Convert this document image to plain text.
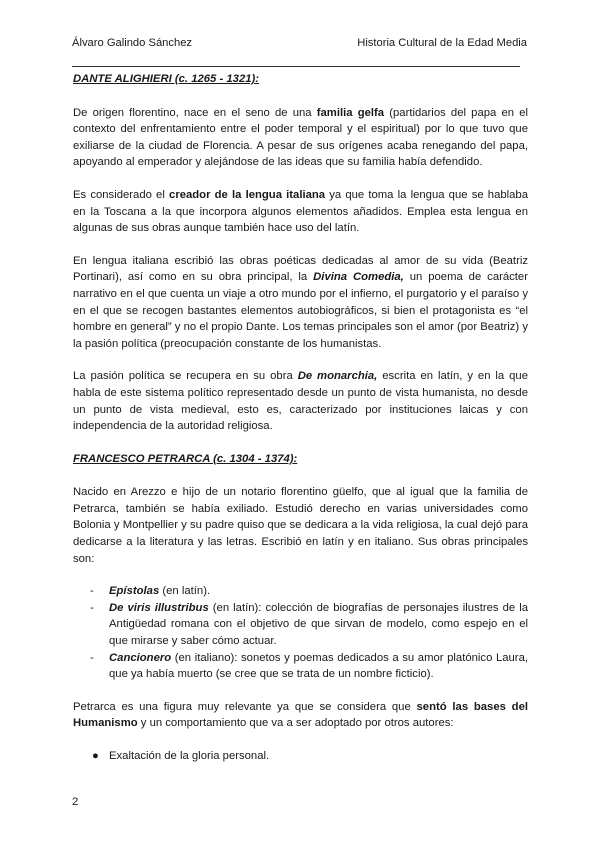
Álvaro Galindo Sánchez	Historia Cultural de la Edad Media
DANTE ALIGHIERI (c. 1265 - 1321):

De origen florentino, nace en el seno de una familia gelfa (partidarios del papa en el contexto del enfrentamiento entre el poder temporal y el espiritual) por lo que tuvo que exiliarse de la ciudad de Florencia. A pesar de sus orígenes acaba renegando del papa, apoyando al emperador y alejándose de las ideas que su familia había defendido.

Es considerado el creador de la lengua italiana ya que toma la lengua que se hablaba en la Toscana a la que incorpora algunos elementos añadidos. Emplea esta lengua en algunas de sus obras aunque también hace uso del latín.

En lengua italiana escribió las obras poéticas dedicadas al amor de su vida (Beatriz Portinari), así como en su obra principal, la Divina Comedia, un poema de carácter narrativo en el que cuenta un viaje a otro mundo por el infierno, el purgatorio y el paraíso y en el que se recogen bastantes elementos autobiográficos, si bien el protagonista es “el hombre en general” y no el propio Dante. Los temas principales son el amor (por Beatriz) y la pasión política (preocupación constante de los humanistas.

La pasión política se recupera en su obra De monarchia, escrita en latín, y en la que habla de este sistema político representado desde un punto de vista humanista, no desde un punto de vista medieval, esto es, caracterizado por instituciones laicas y con independencia de la autoridad religiosa.

FRANCESCO PETRARCA (c. 1304 - 1374):

Nacido en Arezzo e hijo de un notario florentino güelfo, que al igual que la familia de Petrarca, también se había exiliado. Estudió derecho en varias universidades como Bolonia y Montpellier y su padre quiso que se dedicara a la vida religiosa, la cual dejó para dedicarse a la literatura y las letras. Escribió en latín y en italiano. Sus obras principales son:

- Epístolas (en latín).
- De viris illustribus (en latín): colección de biografías de personajes ilustres de la Antigüedad romana con el objetivo de que sirvan de modelo, como espejo en el que mirarse y saber cómo actuar.
- Cancionero (en italiano): sonetos y poemas dedicados a su amor platónico Laura, que ya había muerto (se cree que se trata de un nombre ficticio).

Petrarca es una figura muy relevante ya que se considera que sentó las bases del Humanismo y un comportamiento que va a ser adoptado por otros autores:

● Exaltación de la gloria personal.
2
